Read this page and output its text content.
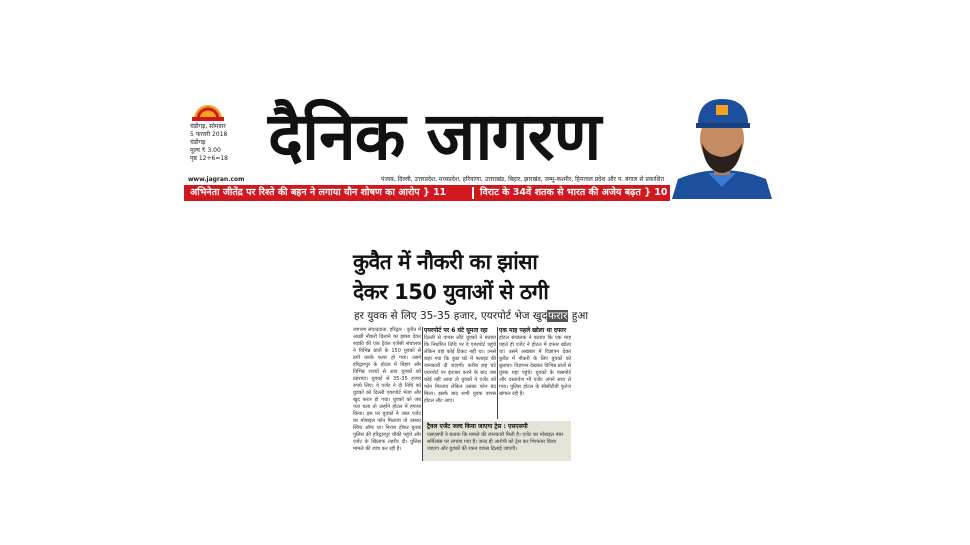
चंडीगढ़, सोमवार
5 फरवरी 2018
चंडीगढ़
मूल्य ₹ 3.00
पृष्ठ 12+6=18 दैनिक जागरण
www.jagran.com	पंजाब, दिल्ली, उत्तरप्रदेश, मध्यप्रदेश, हरियाणा, उत्तराखंड, बिहार, झारखंड, जम्मू-कश्मीर, हिमाचल प्रदेश और प. बंगाल से प्रकाशित
अभिनेता जीतेंद्र पर रिश्ते की बहन ने लगाया यौन शोषण का आरोप } 11	विराट के 34वें शतक से भारत की अजेय बढ़त } 10
कुवैत में नौकरी का झांसा
देकर 150 युवाओं से ठगी
हर युवक से लिए 35-35 हजार, एयरपोर्ट भेज खुदफरार हुआ
जागरण संवाददाता, हरिद्वार : कुवैत में अच्छी नौकरी दिलाने का झांसा देकर रुड़की की एक ट्रैवल एजेंसी संचालक ने विभिन्न प्रांतों के 150 युवकों से ठगी करके फरार हो गया। उसने हरिद्वारपुर के होटल में बिहार और विभिन्न राज्यों से आए युवकों को ठहराया। युवकों से 35-35 हजार रुपये लिए। वे एजेंट ने दी तिथि को युवकों को दिल्ली एयरपोर्ट भेजा और खुद फरार हो गया। युवकों को जब पता चला तो उन्होंने होटल में हंगामा किया। इस पर युवकों ने उक्त एजेंट का मोबाइल फोन मिलाया तो उसका स्विच ऑफ था। निराश होकर युवक पुलिस की हरिद्वारपुर चौकी पहुंचे और एजेंट के खिलाफ तहरीर दी। पुलिस मामले की जांच कर रही है।
एयरपोर्ट पर 6 घंटे घूमता रहा
दिल्ली से वापस लौटे युवकों ने बताया कि निर्धारित तिथि पर वे एयरपोर्ट पहुंचे लेकिन वहां कोई टिकट नहीं था। उनसे कहा गया कि कुछ घंटे में फ्लाइट की जानकारी दी जाएगी। करीब छह घंटे एयरपोर्ट पर इंतजार करने के बाद जब कोई नहीं आया तो युवकों ने एजेंट को फोन मिलाया लेकिन उसका फोन बंद मिला। इसके बाद सभी युवक वापस होटल लौट आए।
एक माह पहले खोला था दफ्तर
होटल संचालक ने बताया कि एक माह पहले ही एजेंट ने होटल में दफ्तर खोला था। उसने अखबार में विज्ञापन देकर कुवैत में नौकरी के लिए युवकों को बुलाया। विज्ञापन देखकर विभिन्न प्रांतों से युवक यहां पहुंचे। युवकों के पासपोर्ट और दस्तावेज भी एजेंट अपने साथ ले गया। पुलिस होटल के सीसीटीवी फुटेज खंगाल रही है।
ट्रैवल एजेंट जल्द किया जाएगा ट्रेस : एसएसपी
एसएसपी ने बताया कि मामले की जानकारी मिली है। एजेंट का मोबाइल नंबर सर्विलांस पर लगाया गया है। जल्द ही आरोपी को ट्रेस कर गिरफ्तार किया जाएगा और युवकों की रकम वापस दिलाई जाएगी।
